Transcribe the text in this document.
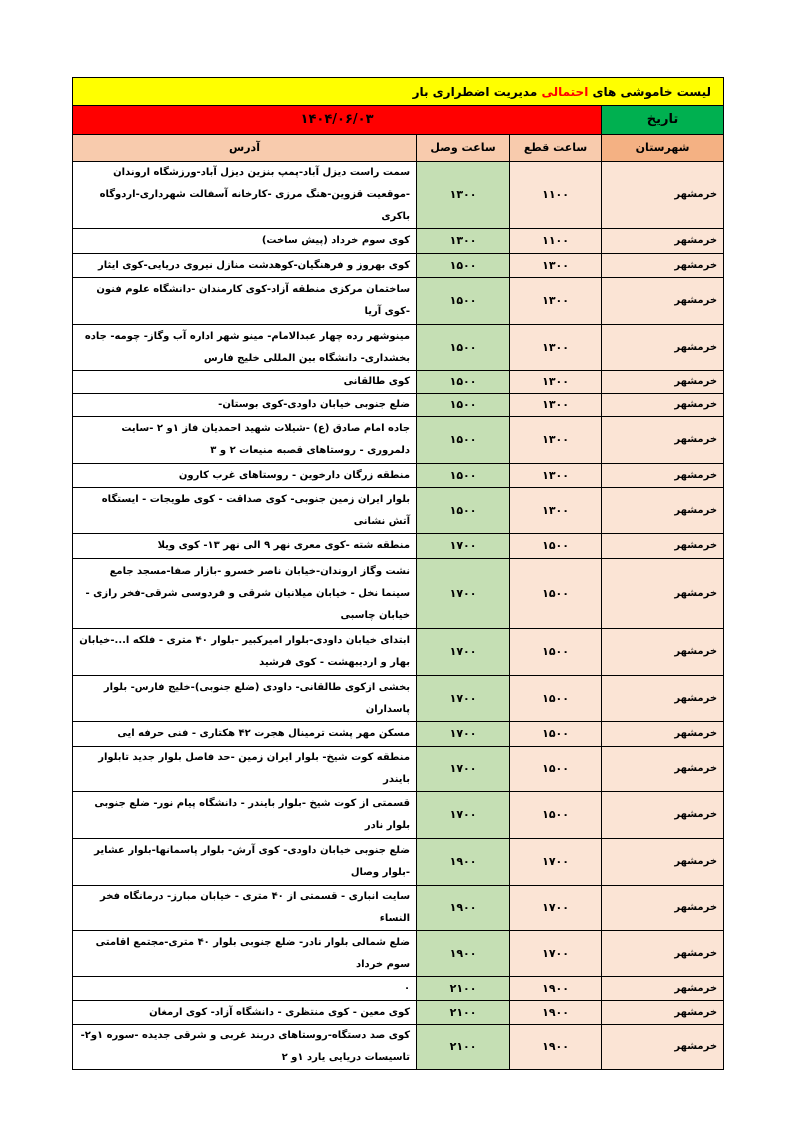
لیست خاموشی های احتمالی مدیریت اضطراری بار			
تاریخ	۱۴۰۴/۰۶/۰۳		
شهرستان	ساعت قطع	ساعت وصل	آدرس
خرمشهر	۱۱۰۰	۱۳۰۰	سمت راست دیزل آباد-پمپ بنزین دیزل آباد-ورزشگاه اروندان -موقعیت قزوین-هنگ مرزی -کارخانه آسفالت شهرداری-اردوگاه باکری
خرمشهر	۱۱۰۰	۱۳۰۰	کوی سوم خرداد (پیش ساخت)
خرمشهر	۱۳۰۰	۱۵۰۰	کوی بهروز و فرهنگیان-کوهدشت منازل نیروی دریایی-کوی ایثار
خرمشهر	۱۳۰۰	۱۵۰۰	ساختمان مرکزی منطقه آزاد-کوی کارمندان -دانشگاه علوم فنون -کوی آریا
خرمشهر	۱۳۰۰	۱۵۰۰	مینوشهر رده چهار عبدالامام- مینو شهر اداره آب وگاز- چومه- جاده بخشداری- دانشگاه بین المللی خلیج فارس
خرمشهر	۱۳۰۰	۱۵۰۰	کوی طالقانی
خرمشهر	۱۳۰۰	۱۵۰۰	ضلع جنوبی خیابان داودی-کوی بوستان-
خرمشهر	۱۳۰۰	۱۵۰۰	جاده امام صادق (ع) -شیلات شهید احمدیان فاز ۱و ۲ -سایت دلمروری - روستاهای قصبه منیعات ۲ و ۳
خرمشهر	۱۳۰۰	۱۵۰۰	منطقه زرگان دارخوین - روستاهای غرب کارون
خرمشهر	۱۳۰۰	۱۵۰۰	بلوار ایران زمین جنوبی- کوی صداقت - کوی طویجات - ایستگاه آتش نشانی
خرمشهر	۱۵۰۰	۱۷۰۰	منطقه شته -کوی معری نهر ۹ الی نهر ۱۳- کوی ویلا
خرمشهر	۱۵۰۰	۱۷۰۰	نشت وگاز اروندان-خیابان ناصر خسرو -بازار صفا-مسجد جامع سینما نخل - خیابان میلانیان شرقی و فردوسی شرقی-فخر رازی - خیابان چاسبی
خرمشهر	۱۵۰۰	۱۷۰۰	ابتدای خیابان داودی-بلوار امیرکبیر -بلوار ۴۰ متری - فلکه ا...-خیابان بهار و اردیبهشت - کوی فرشید
خرمشهر	۱۵۰۰	۱۷۰۰	بخشی ازکوی طالقانی- داودی (ضلع جنوبی)-خلیج فارس- بلوار پاسداران
خرمشهر	۱۵۰۰	۱۷۰۰	مسکن مهر پشت ترمینال هجرت ۴۲ هکتاری - فنی حرفه ایی
خرمشهر	۱۵۰۰	۱۷۰۰	منطقه کوت شیخ- بلوار ایران زمین -حد فاصل بلوار جدید تابلوار بایندر
خرمشهر	۱۵۰۰	۱۷۰۰	قسمتی از کوت شیخ -بلوار بایندر - دانشگاه پیام نور- ضلع جنوبی بلوار نادر
خرمشهر	۱۷۰۰	۱۹۰۰	ضلع جنوبی خیابان داودی- کوی آرش- بلوار پاسمانها-بلوار عشایر -بلوار وصال
خرمشهر	۱۷۰۰	۱۹۰۰	سایت انباری - قسمتی از ۴۰ متری - خیابان مبارز- درمانگاه فخر النساء
خرمشهر	۱۷۰۰	۱۹۰۰	ضلع شمالی بلوار نادر- ضلع جنوبی بلوار ۴۰ متری-مجتمع اقامتی سوم خرداد
خرمشهر	۱۹۰۰	۲۱۰۰	۰
خرمشهر	۱۹۰۰	۲۱۰۰	کوی معین - کوی منتظری - دانشگاه آزاد- کوی ارمغان
خرمشهر	۱۹۰۰	۲۱۰۰	کوی صد دستگاه-روستاهای دربند غربی و شرقی جدیده -سوره ۱و۲- تاسیسات دریایی یارد ۱و ۲
